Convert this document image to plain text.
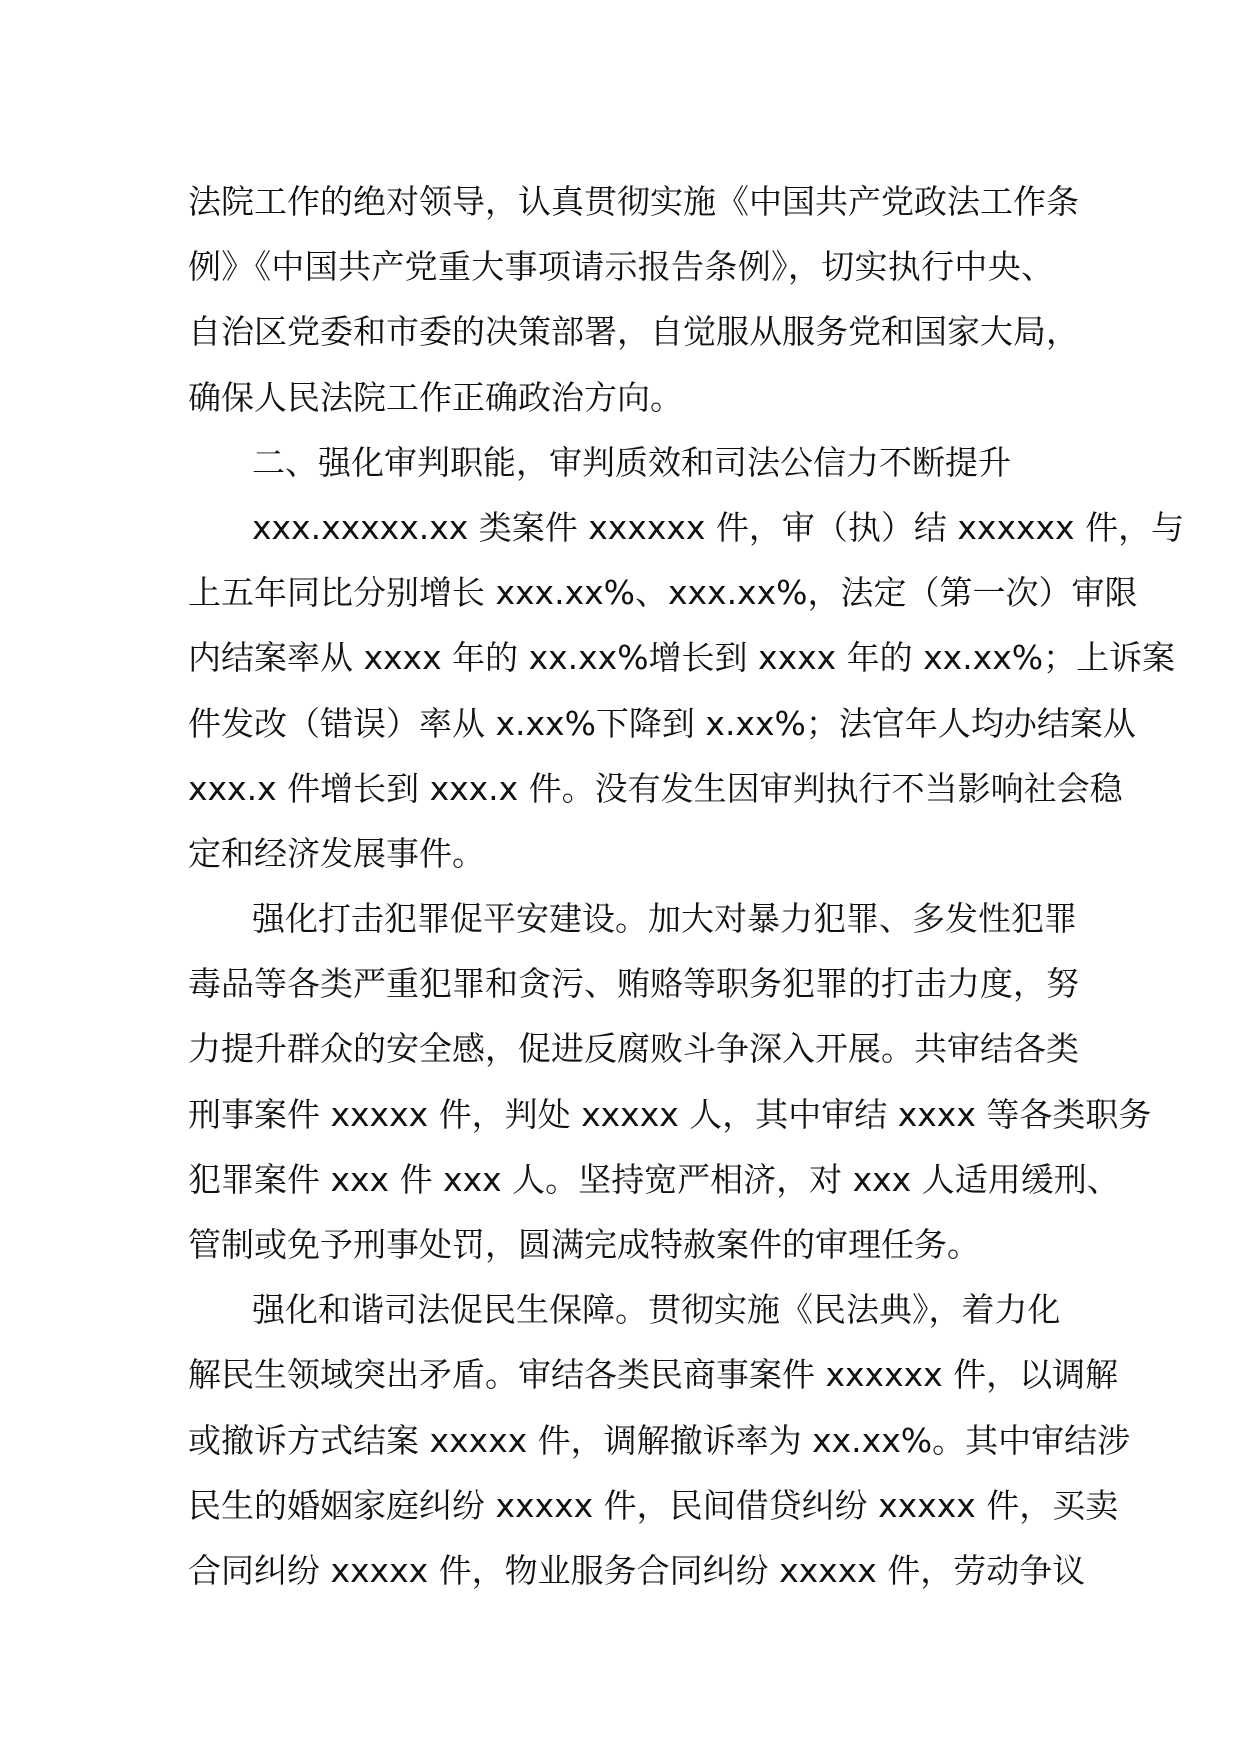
法院工作的绝对领导，认真贯彻实施《中国共产党政法工作条
例》《中国共产党重大事项请示报告条例》，切实执行中央、
自治区党委和市委的决策部署，自觉服从服务党和国家大局，
确保人民法院工作正确政治方向。
二、强化审判职能，审判质效和司法公信力不断提升
xxx.xxxxx.xx 类案件 xxxxxx 件，审（执）结 xxxxxx 件，与
上五年同比分别增长 xxx.xx%、xxx.xx%，法定（第一次）审限
内结案率从 xxxx 年的 xx.xx%增长到 xxxx 年的 xx.xx%；上诉案
件发改（错误）率从 x.xx%下降到 x.xx%；法官年人均办结案从
xxx.x 件增长到 xxx.x 件。没有发生因审判执行不当影响社会稳
定和经济发展事件。
强化打击犯罪促平安建设。加大对暴力犯罪、多发性犯罪
毒品等各类严重犯罪和贪污、贿赂等职务犯罪的打击力度，努
力提升群众的安全感，促进反腐败斗争深入开展。共审结各类
刑事案件 xxxxx 件，判处 xxxxx 人，其中审结 xxxx 等各类职务
犯罪案件 xxx 件 xxx 人。坚持宽严相济，对 xxx 人适用缓刑、
管制或免予刑事处罚，圆满完成特赦案件的审理任务。
强化和谐司法促民生保障。贯彻实施《民法典》，着力化
解民生领域突出矛盾。审结各类民商事案件 xxxxxx 件，以调解
或撤诉方式结案 xxxxx 件，调解撤诉率为 xx.xx%。其中审结涉
民生的婚姻家庭纠纷 xxxxx 件，民间借贷纠纷 xxxxx 件，买卖
合同纠纷 xxxxx 件，物业服务合同纠纷 xxxxx 件，劳动争议
